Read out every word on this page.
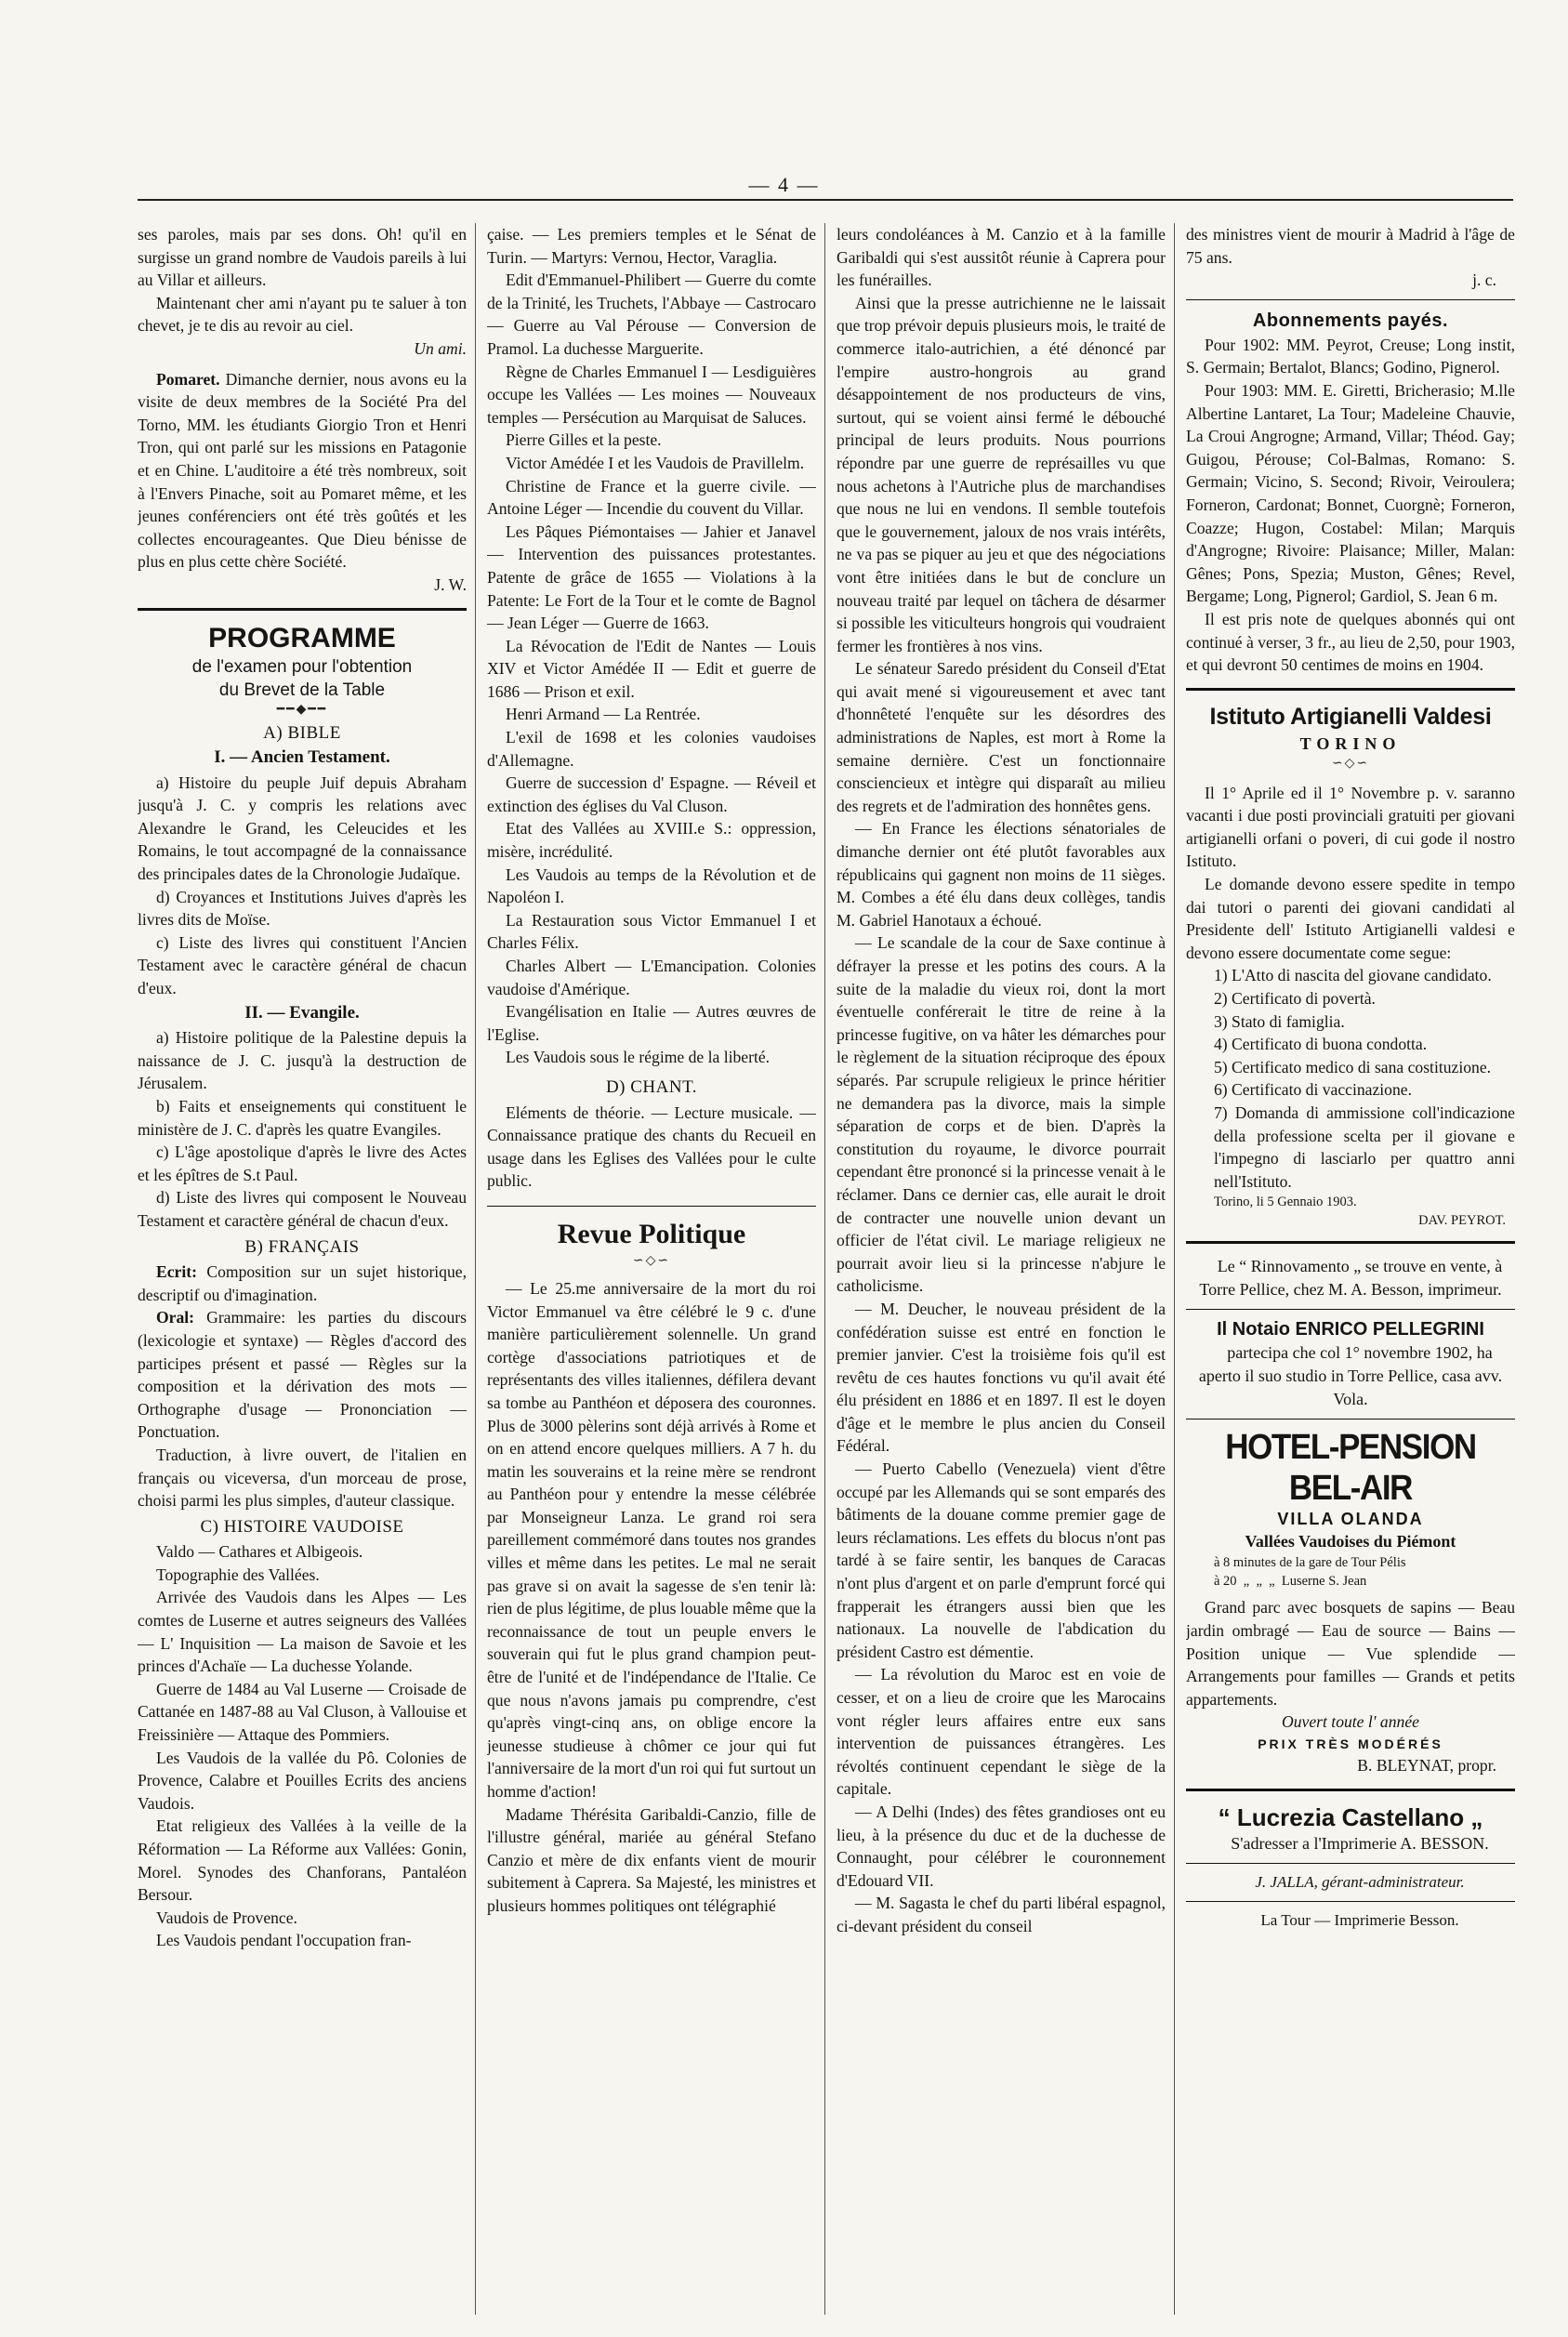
— 4 —

ses paroles, mais par ses dons. Oh! qu'il en surgisse un grand nombre de Vaudois pareils à lui au Villar et ailleurs.

Maintenant cher ami n'ayant pu te saluer à ton chevet, je te dis au revoir au ciel.

Un ami.

Pomaret. Dimanche dernier, nous avons eu la visite de deux membres de la Société Pra del Torno, MM. les étudiants Giorgio Tron et Henri Tron, qui ont parlé sur les missions en Patagonie et en Chine. L'auditoire a été très nombreux, soit à l'Envers Pinache, soit au Pomaret même, et les jeunes conférenciers ont été très goûtés et les collectes encourageantes. Que Dieu bénisse de plus en plus cette chère Société.

J. W.

PROGRAMME
de l'examen pour l'obtention
du Brevet de la Table
━━◆━━
A) BIBLE
I. — Ancien Testament.

a) Histoire du peuple Juif depuis Abraham jusqu'à J. C. y compris les relations avec Alexandre le Grand, les Celeucides et les Romains, le tout accompagné de la connaissance des principales dates de la Chronologie Judaïque.

d) Croyances et Institutions Juives d'après les livres dits de Moïse.

c) Liste des livres qui constituent l'Ancien Testament avec le caractère général de chacun d'eux.

II. — Evangile.

a) Histoire politique de la Palestine depuis la naissance de J. C. jusqu'à la destruction de Jérusalem.

b) Faits et enseignements qui constituent le ministère de J. C. d'après les quatre Evangiles.

c) L'âge apostolique d'après le livre des Actes et les épîtres de S.t Paul.

d) Liste des livres qui composent le Nouveau Testament et caractère général de chacun d'eux.

B) FRANÇAIS

Ecrit: Composition sur un sujet historique, descriptif ou d'imagination.

Oral: Grammaire: les parties du discours (lexicologie et syntaxe) — Règles d'accord des participes présent et passé — Règles sur la composition et la dérivation des mots — Orthographe d'usage — Prononciation — Ponctuation.

Traduction, à livre ouvert, de l'italien en français ou viceversa, d'un morceau de prose, choisi parmi les plus simples, d'auteur classique.

C) HISTOIRE VAUDOISE

Valdo — Cathares et Albigeois.

Topographie des Vallées.

Arrivée des Vaudois dans les Alpes — Les comtes de Luserne et autres seigneurs des Vallées — L' Inquisition — La maison de Savoie et les princes d'Achaïe — La duchesse Yolande.

Guerre de 1484 au Val Luserne — Croisade de Cattanée en 1487-88 au Val Cluson, à Vallouise et Freissinière — Attaque des Pommiers.

Les Vaudois de la vallée du Pô. Colonies de Provence, Calabre et Pouilles Ecrits des anciens Vaudois.

Etat religieux des Vallées à la veille de la Réformation — La Réforme aux Vallées: Gonin, Morel. Synodes des Chanforans, Pantaléon Bersour.

Vaudois de Provence.

Les Vaudois pendant l'occupation fran-

çaise. — Les premiers temples et le Sénat de Turin. — Martyrs: Vernou, Hector, Varaglia.

Edit d'Emmanuel-Philibert — Guerre du comte de la Trinité, les Truchets, l'Abbaye — Castrocaro — Guerre au Val Pérouse — Conversion de Pramol. La duchesse Marguerite.

Règne de Charles Emmanuel I — Lesdiguières occupe les Vallées — Les moines — Nouveaux temples — Persécution au Marquisat de Saluces.

Pierre Gilles et la peste.

Victor Amédée I et les Vaudois de Pravillelm.

Christine de France et la guerre civile. — Antoine Léger — Incendie du couvent du Villar.

Les Pâques Piémontaises — Jahier et Janavel — Intervention des puissances protestantes. Patente de grâce de 1655 — Violations à la Patente: Le Fort de la Tour et le comte de Bagnol — Jean Léger — Guerre de 1663.

La Révocation de l'Edit de Nantes — Louis XIV et Victor Amédée II — Edit et guerre de 1686 — Prison et exil.

Henri Armand — La Rentrée.

L'exil de 1698 et les colonies vaudoises d'Allemagne.

Guerre de succession d' Espagne. — Réveil et extinction des églises du Val Cluson.

Etat des Vallées au XVIII.e S.: oppression, misère, incrédulité.

Les Vaudois au temps de la Révolution et de Napoléon I.

La Restauration sous Victor Emmanuel I et Charles Félix.

Charles Albert — L'Emancipation. Colonies vaudoise d'Amérique.

Evangélisation en Italie — Autres œuvres de l'Eglise.

Les Vaudois sous le régime de la liberté.

D) CHANT.

Eléments de théorie. — Lecture musicale. — Connaissance pratique des chants du Recueil en usage dans les Eglises des Vallées pour le culte public.

Revue Politique
∽◇∽

— Le 25.me anniversaire de la mort du roi Victor Emmanuel va être célébré le 9 c. d'une manière particulièrement solennelle. Un grand cortège d'associations patriotiques et de représentants des villes italiennes, défilera devant sa tombe au Panthéon et déposera des couronnes. Plus de 3000 pèlerins sont déjà arrivés à Rome et on en attend encore quelques milliers. A 7 h. du matin les souverains et la reine mère se rendront au Panthéon pour y entendre la messe célébrée par Monseigneur Lanza. Le grand roi sera pareillement commémoré dans toutes nos grandes villes et même dans les petites. Le mal ne serait pas grave si on avait la sagesse de s'en tenir là: rien de plus légitime, de plus louable même que la reconnaissance de tout un peuple envers le souverain qui fut le plus grand champion peut-être de l'unité et de l'indépendance de l'Italie. Ce que nous n'avons jamais pu comprendre, c'est qu'après vingt-cinq ans, on oblige encore la jeunesse studieuse à chômer ce jour qui fut l'anniversaire de la mort d'un roi qui fut surtout un homme d'action!

Madame Thérésita Garibaldi-Canzio, fille de l'illustre général, mariée au général Stefano Canzio et mère de dix enfants vient de mourir subitement à Caprera. Sa Majesté, les ministres et plusieurs hommes politiques ont télégraphié

leurs condoléances à M. Canzio et à la famille Garibaldi qui s'est aussitôt réunie à Caprera pour les funérailles.

Ainsi que la presse autrichienne ne le laissait que trop prévoir depuis plusieurs mois, le traité de commerce italo-autrichien, a été dénoncé par l'empire austro-hongrois au grand désappointement de nos producteurs de vins, surtout, qui se voient ainsi fermé le débouché principal de leurs produits. Nous pourrions répondre par une guerre de représailles vu que nous achetons à l'Autriche plus de marchandises que nous ne lui en vendons. Il semble toutefois que le gouvernement, jaloux de nos vrais intérêts, ne va pas se piquer au jeu et que des négociations vont être initiées dans le but de conclure un nouveau traité par lequel on tâchera de désarmer si possible les viticulteurs hongrois qui voudraient fermer les frontières à nos vins.

Le sénateur Saredo président du Conseil d'Etat qui avait mené si vigoureusement et avec tant d'honnêteté l'enquête sur les désordres des administrations de Naples, est mort à Rome la semaine dernière. C'est un fonctionnaire consciencieux et intègre qui disparaît au milieu des regrets et de l'admiration des honnêtes gens.

— En France les élections sénatoriales de dimanche dernier ont été plutôt favorables aux républicains qui gagnent non moins de 11 sièges. M. Combes a été élu dans deux collèges, tandis M. Gabriel Hanotaux a échoué.

— Le scandale de la cour de Saxe continue à défrayer la presse et les potins des cours. A la suite de la maladie du vieux roi, dont la mort éventuelle conférerait le titre de reine à la princesse fugitive, on va hâter les démarches pour le règlement de la situation réciproque des époux séparés. Par scrupule religieux le prince héritier ne demandera pas la divorce, mais la simple séparation de corps et de bien. D'après la constitution du royaume, le divorce pourrait cependant être prononcé si la princesse venait à le réclamer. Dans ce dernier cas, elle aurait le droit de contracter une nouvelle union devant un officier de l'état civil. Le mariage religieux ne pourrait avoir lieu si la princesse n'abjure le catholicisme.

— M. Deucher, le nouveau président de la confédération suisse est entré en fonction le premier janvier. C'est la troisième fois qu'il est revêtu de ces hautes fonctions vu qu'il avait été élu président en 1886 et en 1897. Il est le doyen d'âge et le membre le plus ancien du Conseil Fédéral.

— Puerto Cabello (Venezuela) vient d'être occupé par les Allemands qui se sont emparés des bâtiments de la douane comme premier gage de leurs réclamations. Les effets du blocus n'ont pas tardé à se faire sentir, les banques de Caracas n'ont plus d'argent et on parle d'emprunt forcé qui frapperait les étrangers aussi bien que les nationaux. La nouvelle de l'abdication du président Castro est démentie.

— La révolution du Maroc est en voie de cesser, et on a lieu de croire que les Marocains vont régler leurs affaires entre eux sans intervention de puissances étrangères. Les révoltés continuent cependant le siège de la capitale.

— A Delhi (Indes) des fêtes grandioses ont eu lieu, à la présence du duc et de la duchesse de Connaught, pour célébrer le couronnement d'Edouard VII.

— M. Sagasta le chef du parti libéral espagnol, ci-devant président du conseil

des ministres vient de mourir à Madrid à l'âge de 75 ans.

j. c.

Abonnements payés.

Pour 1902: MM. Peyrot, Creuse; Long instit, S. Germain; Bertalot, Blancs; Godino, Pignerol.

Pour 1903: MM. E. Giretti, Bricherasio; M.lle Albertine Lantaret, La Tour; Madeleine Chauvie, La Croui Angrogne; Armand, Villar; Théod. Gay; Guigou, Pérouse; Col-Balmas, Romano: S. Germain; Vicino, S. Second; Rivoir, Veiroulera; Forneron, Cardonat; Bonnet, Cuorgnè; Forneron, Coazze; Hugon, Costabel: Milan; Marquis d'Angrogne; Rivoire: Plaisance; Miller, Malan: Gênes; Pons, Spezia; Muston, Gênes; Revel, Bergame; Long, Pignerol; Gardiol, S. Jean 6 m.

Il est pris note de quelques abonnés qui ont continué à verser, 3 fr., au lieu de 2,50, pour 1903, et qui devront 50 centimes de moins en 1904.

Istituto Artigianelli Valdesi
TORINO
∽◇∽

Il 1° Aprile ed il 1° Novembre p. v. saranno vacanti i due posti provinciali gratuiti per giovani artigianelli orfani o poveri, di cui gode il nostro Istituto.

Le domande devono essere spedite in tempo dai tutori o parenti dei giovani candidati al Presidente dell' Istituto Artigianelli valdesi e devono essere documentate come segue:

1) L'Atto di nascita del giovane candidato.

2) Certificato di povertà.

3) Stato di famiglia.

4) Certificato di buona condotta.

5) Certificato medico di sana costituzione.

6) Certificato di vaccinazione.

7) Domanda di ammissione coll'indicazione della professione scelta per il giovane e l'impegno di lasciarlo per quattro anni nell'Istituto.

Torino, li 5 Gennaio 1903.

DAV. PEYROT.

Le “ Rinnovamento „ se trouve en vente, à Torre Pellice, chez M. A. Besson, imprimeur.

Il Notaio ENRICO PELLEGRINI

partecipa che col 1° novembre 1902, ha aperto il suo studio in Torre Pellice, casa avv. Vola.

HOTEL-PENSION BEL-AIR
VILLA OLANDA
Vallées Vaudoises du Piémont

à 8 minutes de la gare de Tour Pélis

à 20  „  „  „  Luserne S. Jean

Grand parc avec bosquets de sapins — Beau jardin ombragé — Eau de source — Bains — Position unique — Vue splendide — Arrangements pour familles — Grands et petits appartements.

Ouvert toute l' année

PRIX TRÈS MODÉRÉS

B. BLEYNAT, propr.

“ Lucrezia Castellano „

S'adresser a l'Imprimerie A. BESSON.

J. JALLA, gérant-administrateur.

La Tour — Imprimerie Besson.
